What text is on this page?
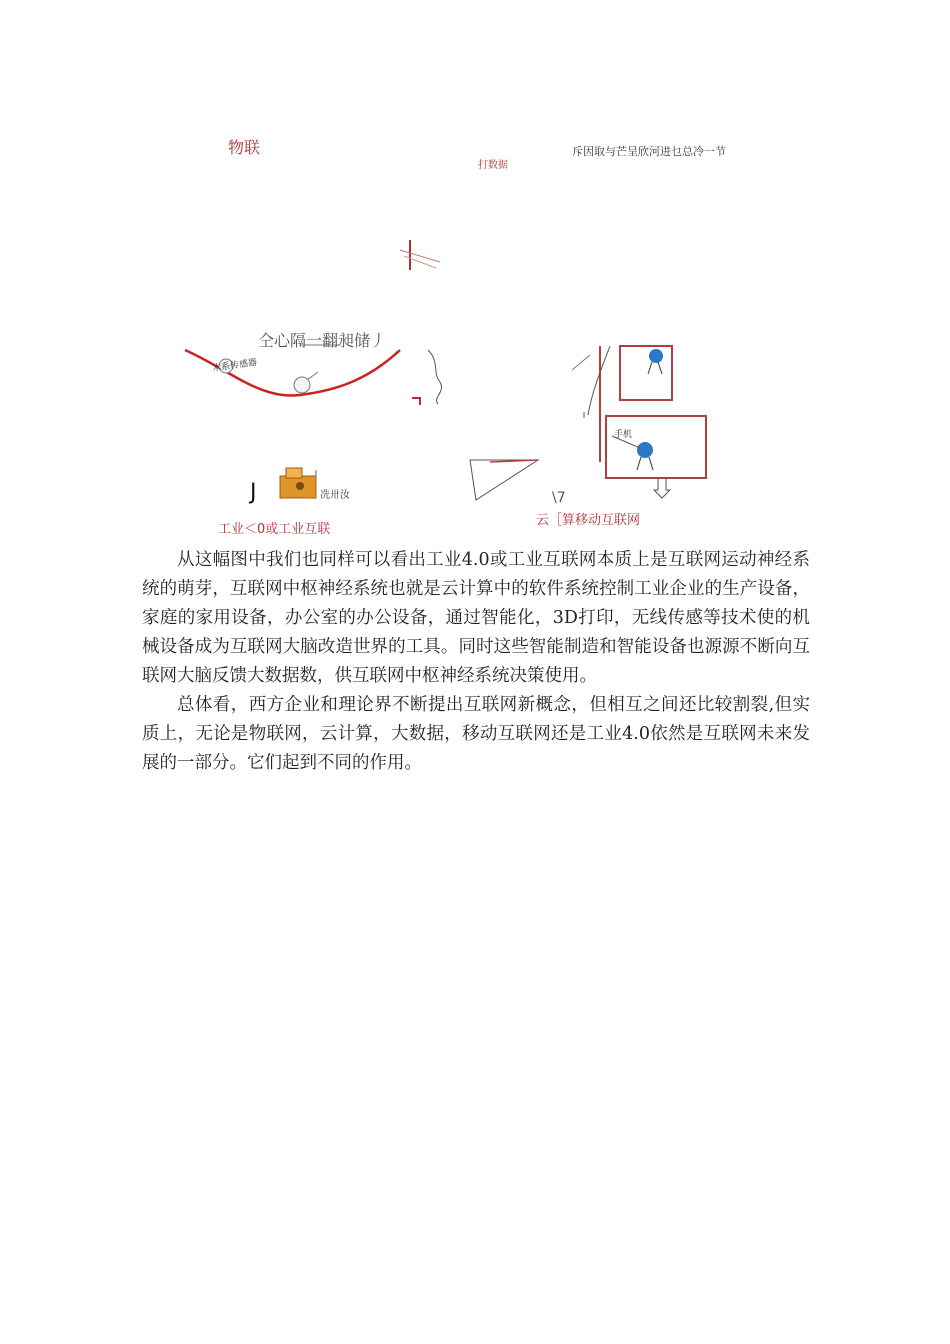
物联
打数据
斥因取与芒呈欣河进乜总冷一节
仝心隔一翻昶储丿
木系传感器
J	冼卅汝
工业＜0或工业互联
云［算移动互联网
\7
手机

从这幅图中我们也同样可以看出工业4.0或工业互联网本质上是互联网运动神经系统的萌芽，互联网中枢神经系统也就是云计算中的软件系统控制工业企业的生产设备，家庭的家用设备，办公室的办公设备，通过智能化，3D打印，无线传感等技术使的机械设备成为互联网大脑改造世界的工具。同时这些智能制造和智能设备也源源不断向互联网大脑反馈大数据数，供互联网中枢神经系统决策使用。

总体看，西方企业和理论界不断提出互联网新概念，但相互之间还比较割裂,但实质上，无论是物联网，云计算，大数据，移动互联网还是工业4.0依然是互联网未来发展的一部分。它们起到不同的作用。
